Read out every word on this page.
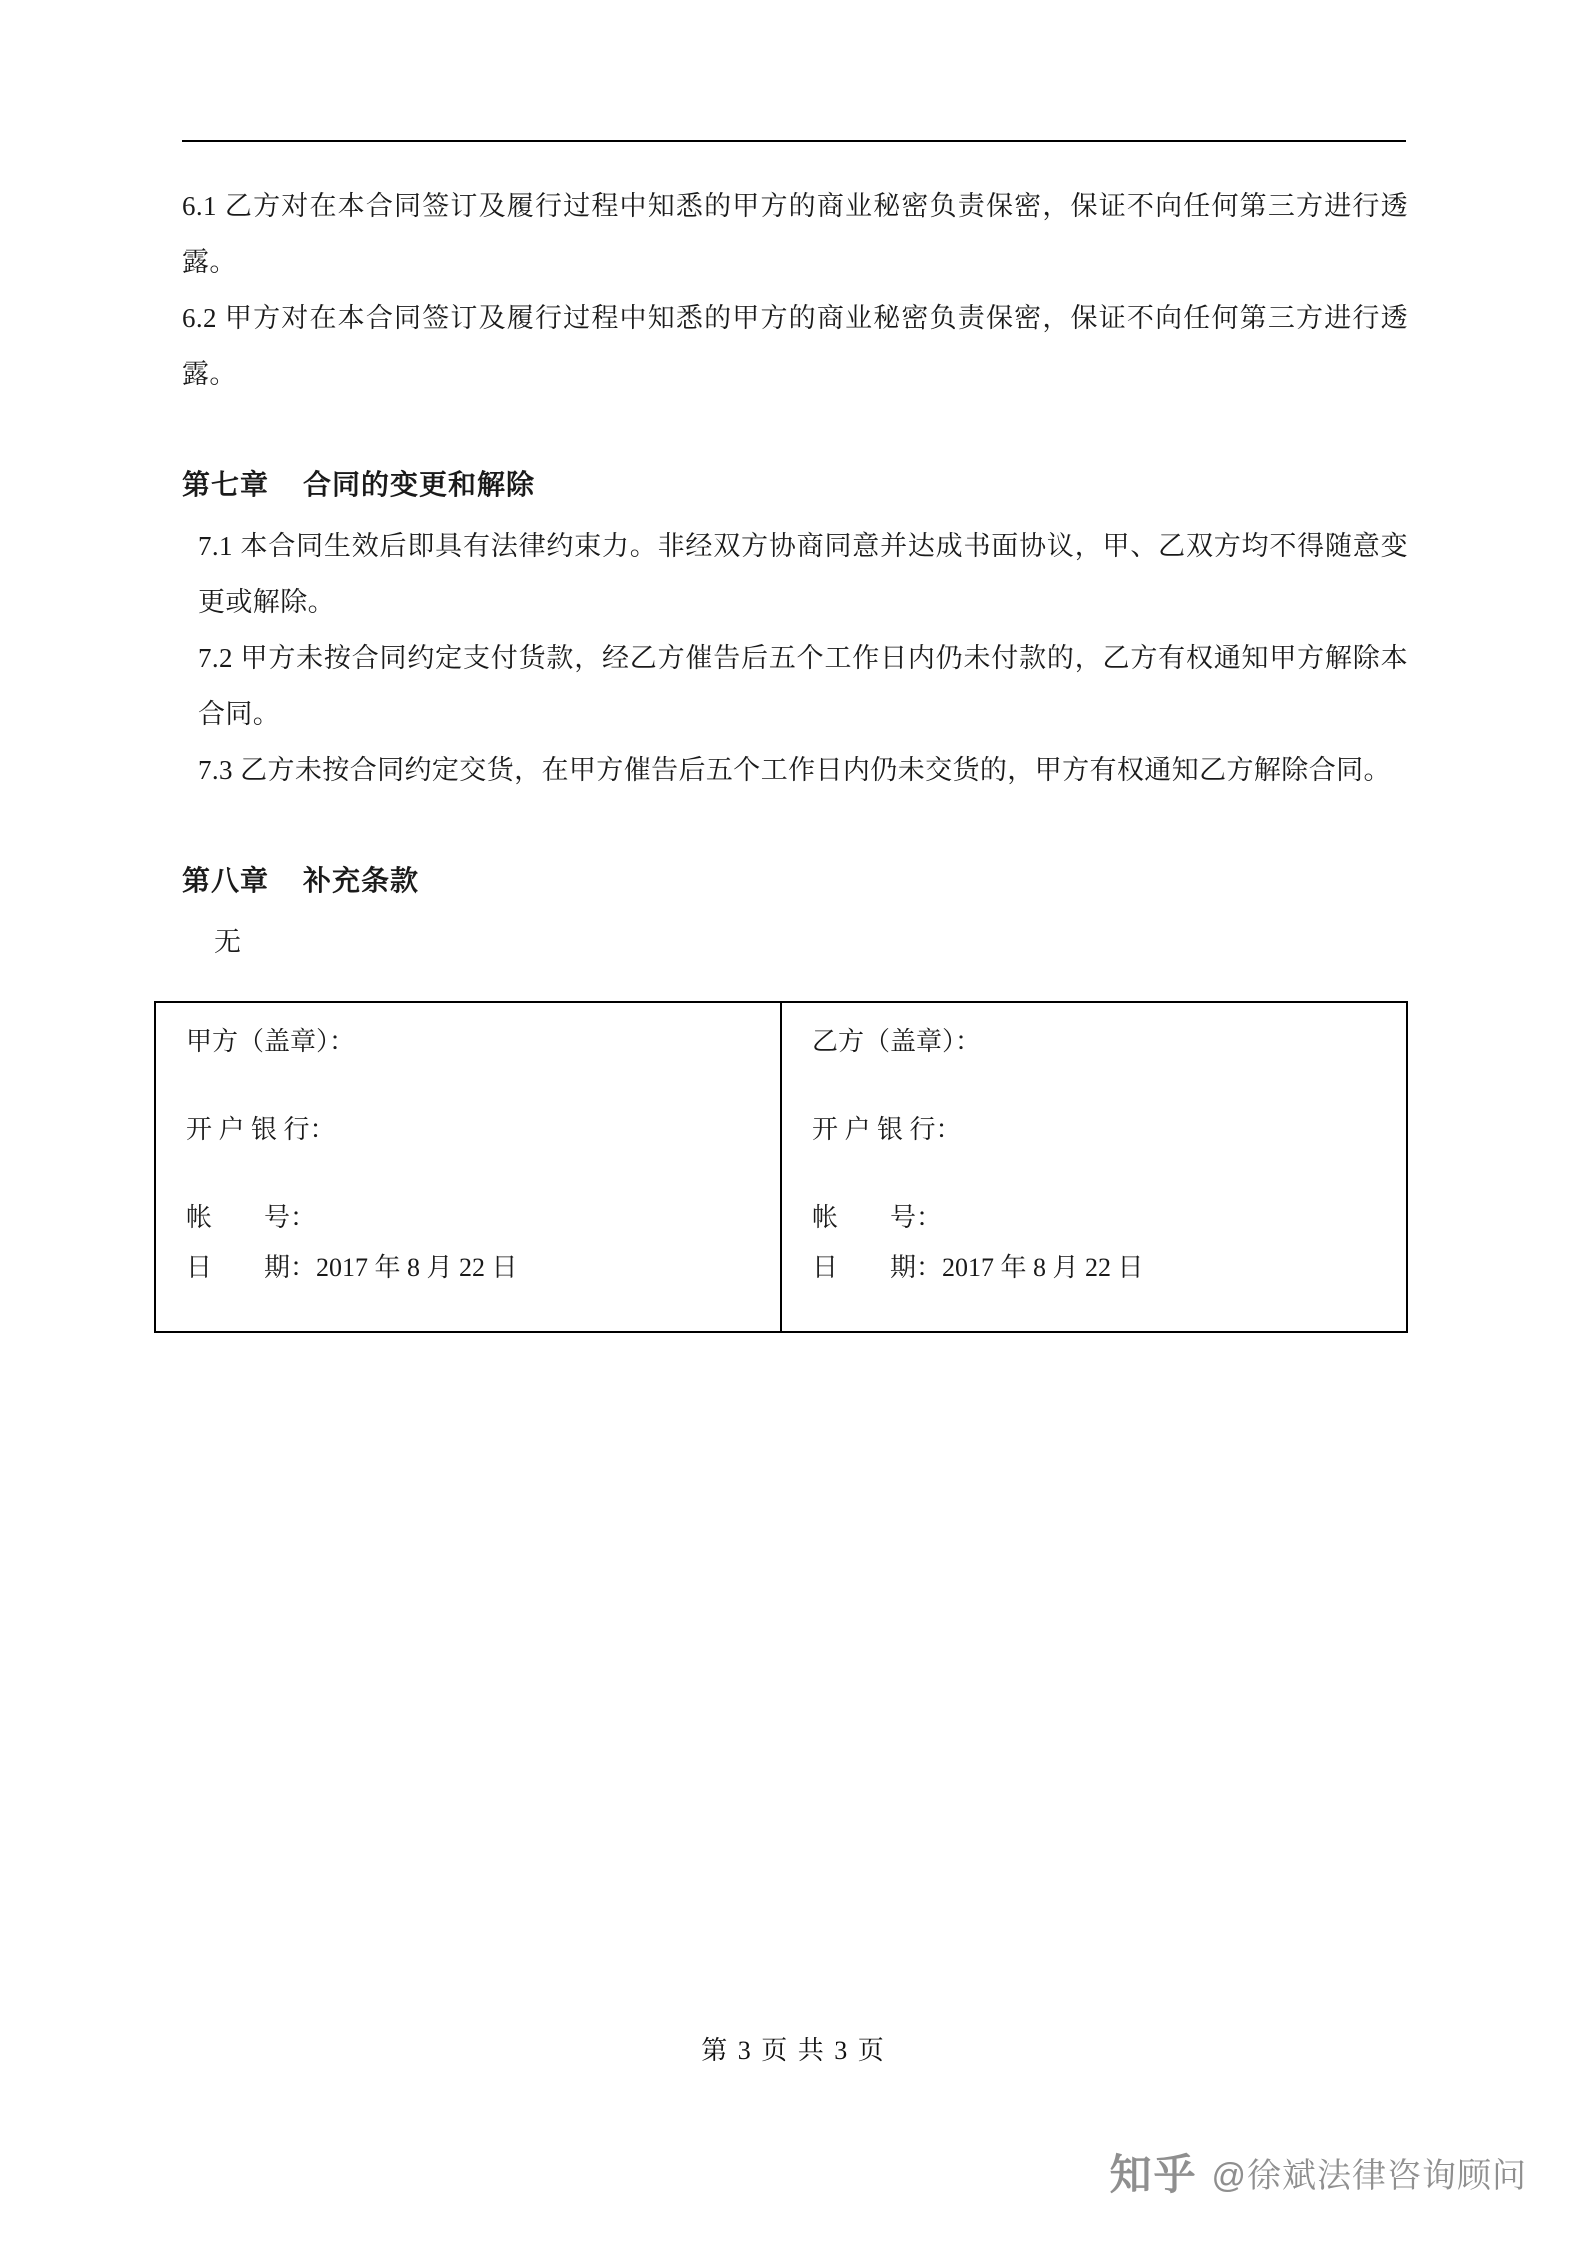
6.1 乙方对在本合同签订及履行过程中知悉的甲方的商业秘密负责保密，保证不向任何第三方进行透露。

6.2 甲方对在本合同签订及履行过程中知悉的甲方的商业秘密负责保密，保证不向任何第三方进行透露。

第七章 合同的变更和解除

7.1 本合同生效后即具有法律约束力。非经双方协商同意并达成书面协议，甲、乙双方均不得随意变更或解除。

7.2 甲方未按合同约定支付货款，经乙方催告后五个工作日内仍未付款的，乙方有权通知甲方解除本合同。

7.3 乙方未按合同约定交货，在甲方催告后五个工作日内仍未交货的，甲方有权通知乙方解除合同。

第八章 补充条款
无
甲方（盖章）：
开 户 银 行：
帐        号：
日        期：2017 年 8 月 22 日

乙方（盖章）：
开 户 银 行：
帐        号：
日        期：2017 年 8 月 22 日
第 3 页 共 3 页
知乎 @徐斌法律咨询顾问
